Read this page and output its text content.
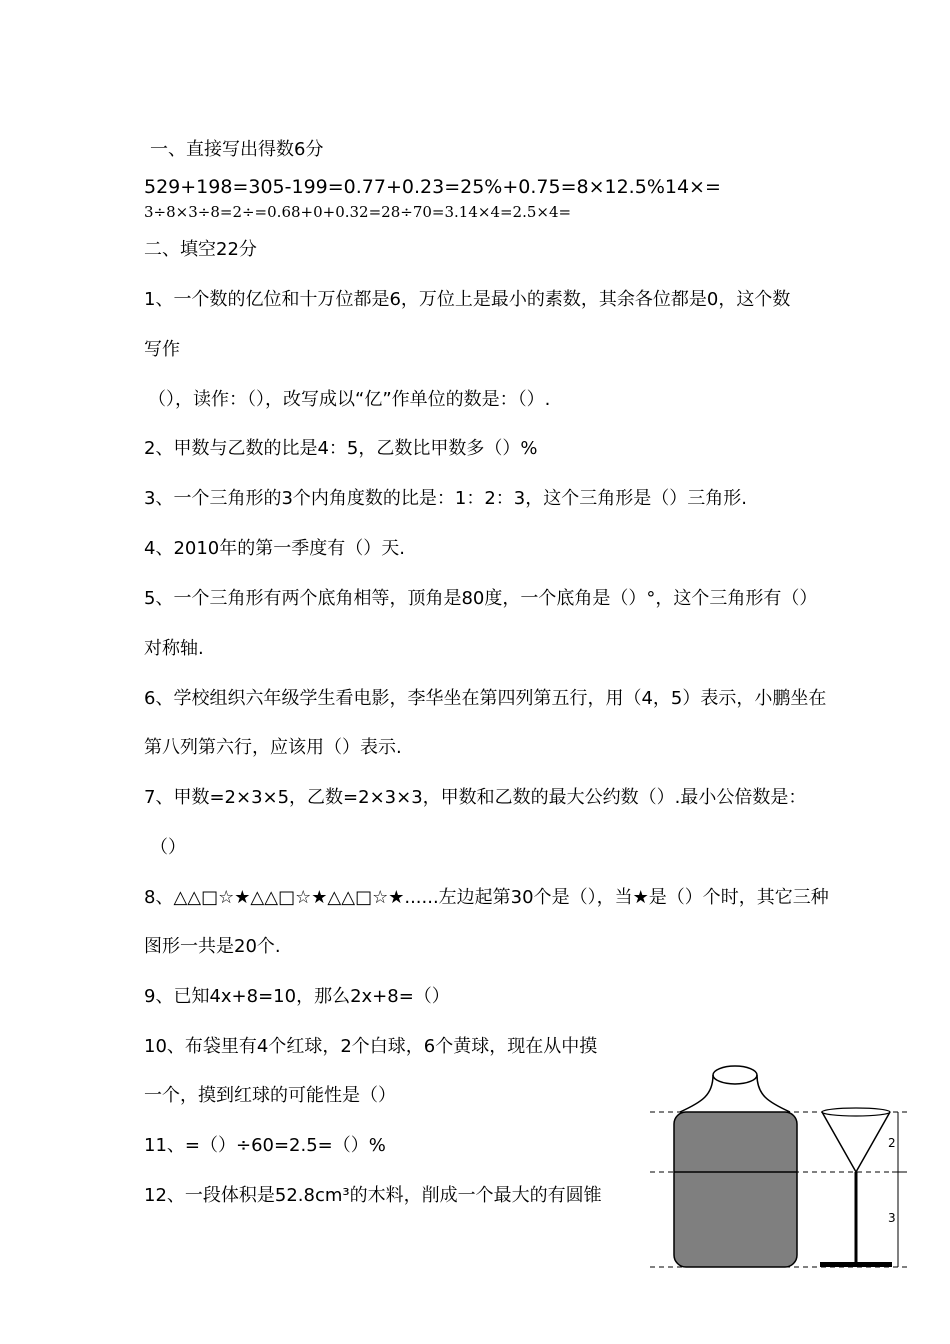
一、直接写出得数6分
529+198=305-199=0.77+0.23=25%+0.75=8×12.5%14×=
3÷8×3÷8=2÷=0.68+0+0.32=28÷70=3.14×4=2.5×4=
二、填空22分
1、一个数的亿位和十万位都是6，万位上是最小的素数，其余各位都是0，这个数
写作
（），读作：（），改写成以“亿”作单位的数是：（）.
2、甲数与乙数的比是4：5，乙数比甲数多（）%
3、一个三角形的3个内角度数的比是：1：2：3，这个三角形是（）三角形.
4、2010年的第一季度有（）天.
5、一个三角形有两个底角相等，顶角是80度，一个底角是（）°，这个三角形有（）
对称轴.
6、学校组织六年级学生看电影，李华坐在第四列第五行，用（4，5）表示，小鹏坐在
第八列第六行，应该用（）表示.
7、甲数=2×3×5，乙数=2×3×3，甲数和乙数的最大公约数（）.最小公倍数是：
（）
8、△△□☆★△△□☆★△△□☆★......左边起第30个是（），当★是（）个时，其它三种
图形一共是20个.
9、已知4x+8=10，那么2x+8=（）
10、布袋里有4个红球，2个白球，6个黄球，现在从中摸
一个，摸到红球的可能性是（）
11、=（）÷60=2.5=（）%
12、一段体积是52.8cm³的木料，削成一个最大的有圆锥
2
3
